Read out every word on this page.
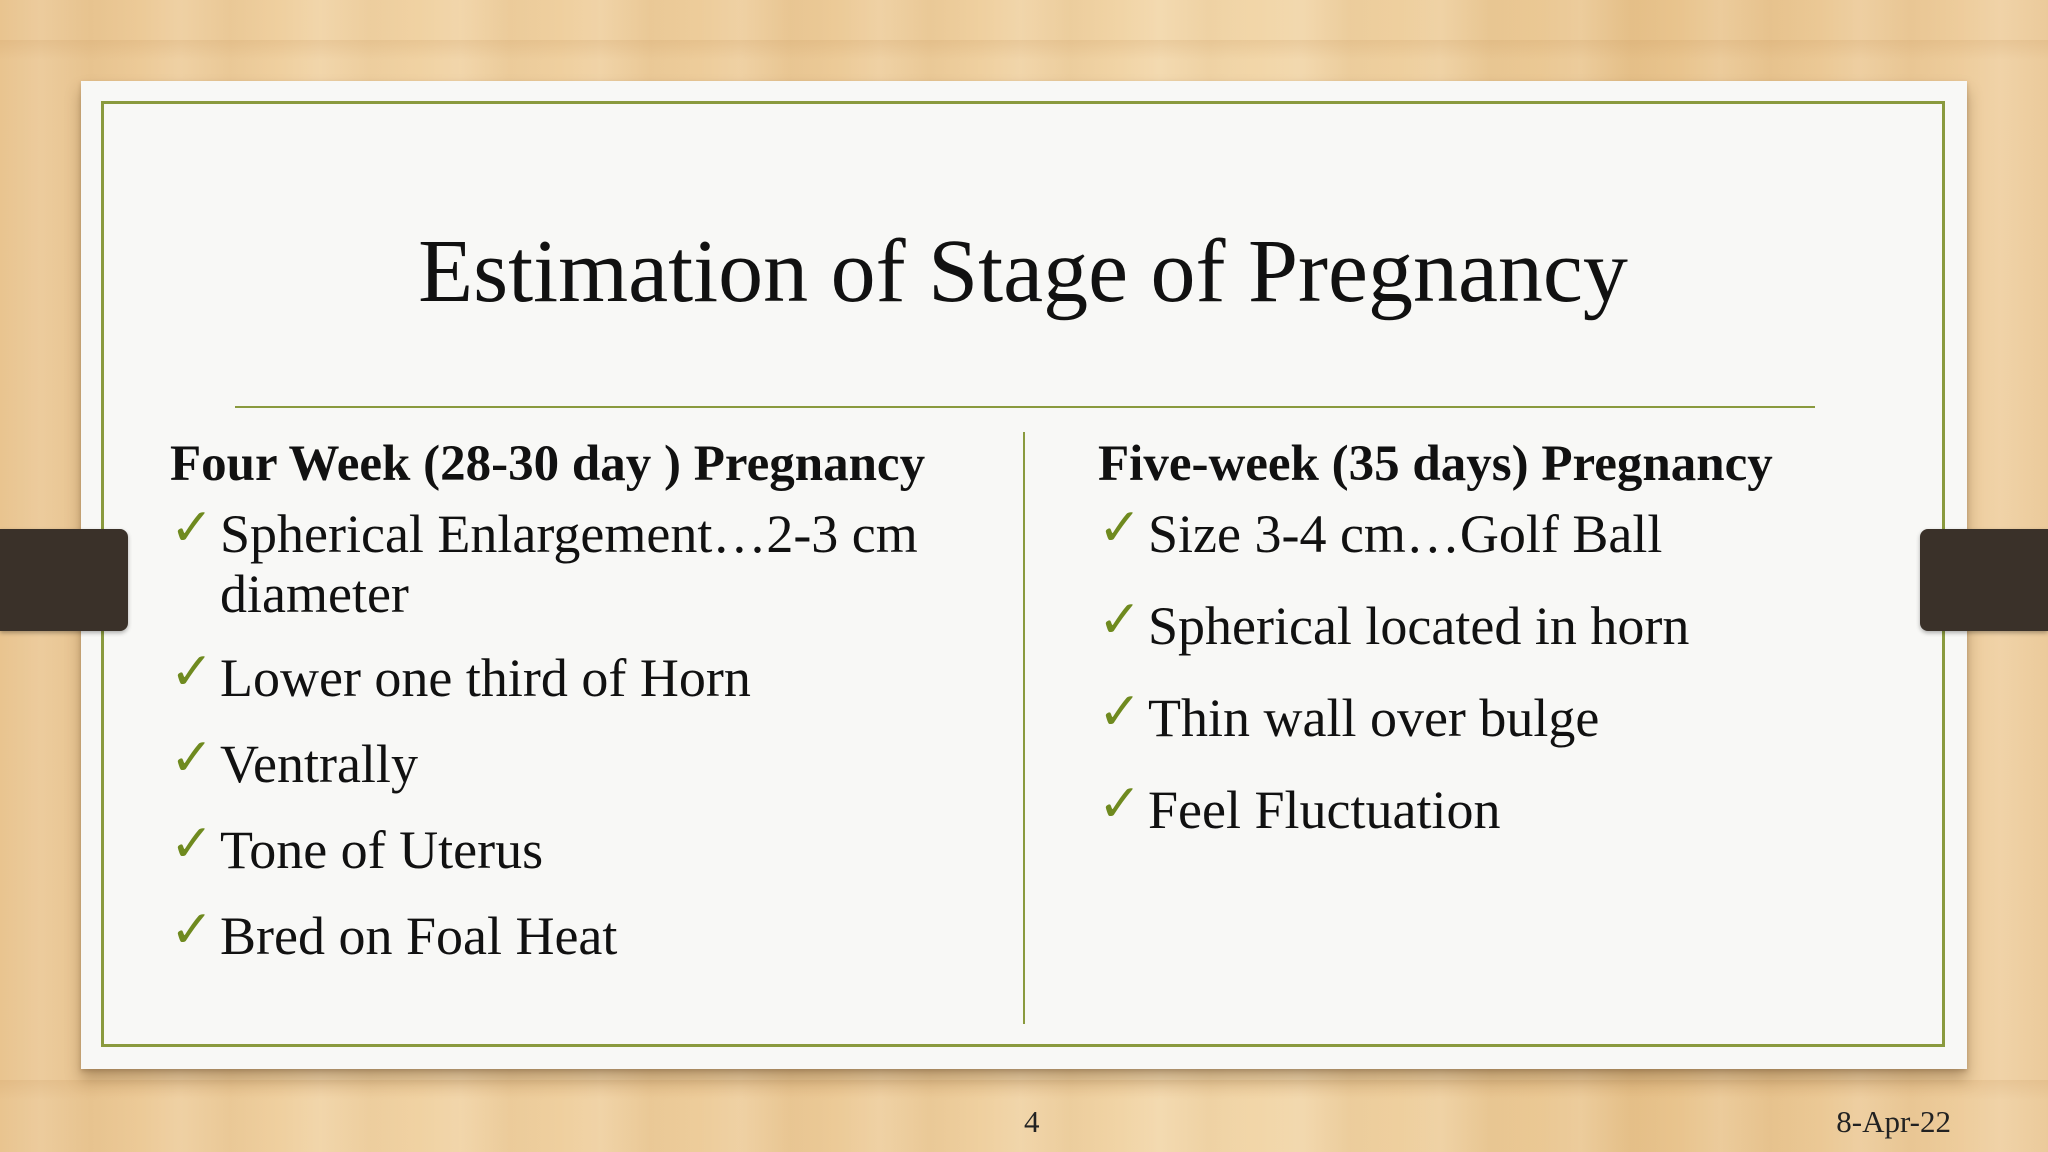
Estimation of Stage of Pregnancy
Four Week (28-30 day ) Pregnancy
✓ Spherical Enlargement…2-3 cm diameter
✓ Lower one third of Horn
✓ Ventrally
✓ Tone of Uterus
✓ Bred on Foal Heat
Five-week (35 days) Pregnancy
✓ Size 3-4 cm…Golf Ball
✓ Spherical located in horn
✓ Thin wall over bulge
✓ Feel Fluctuation
4	8-Apr-22
